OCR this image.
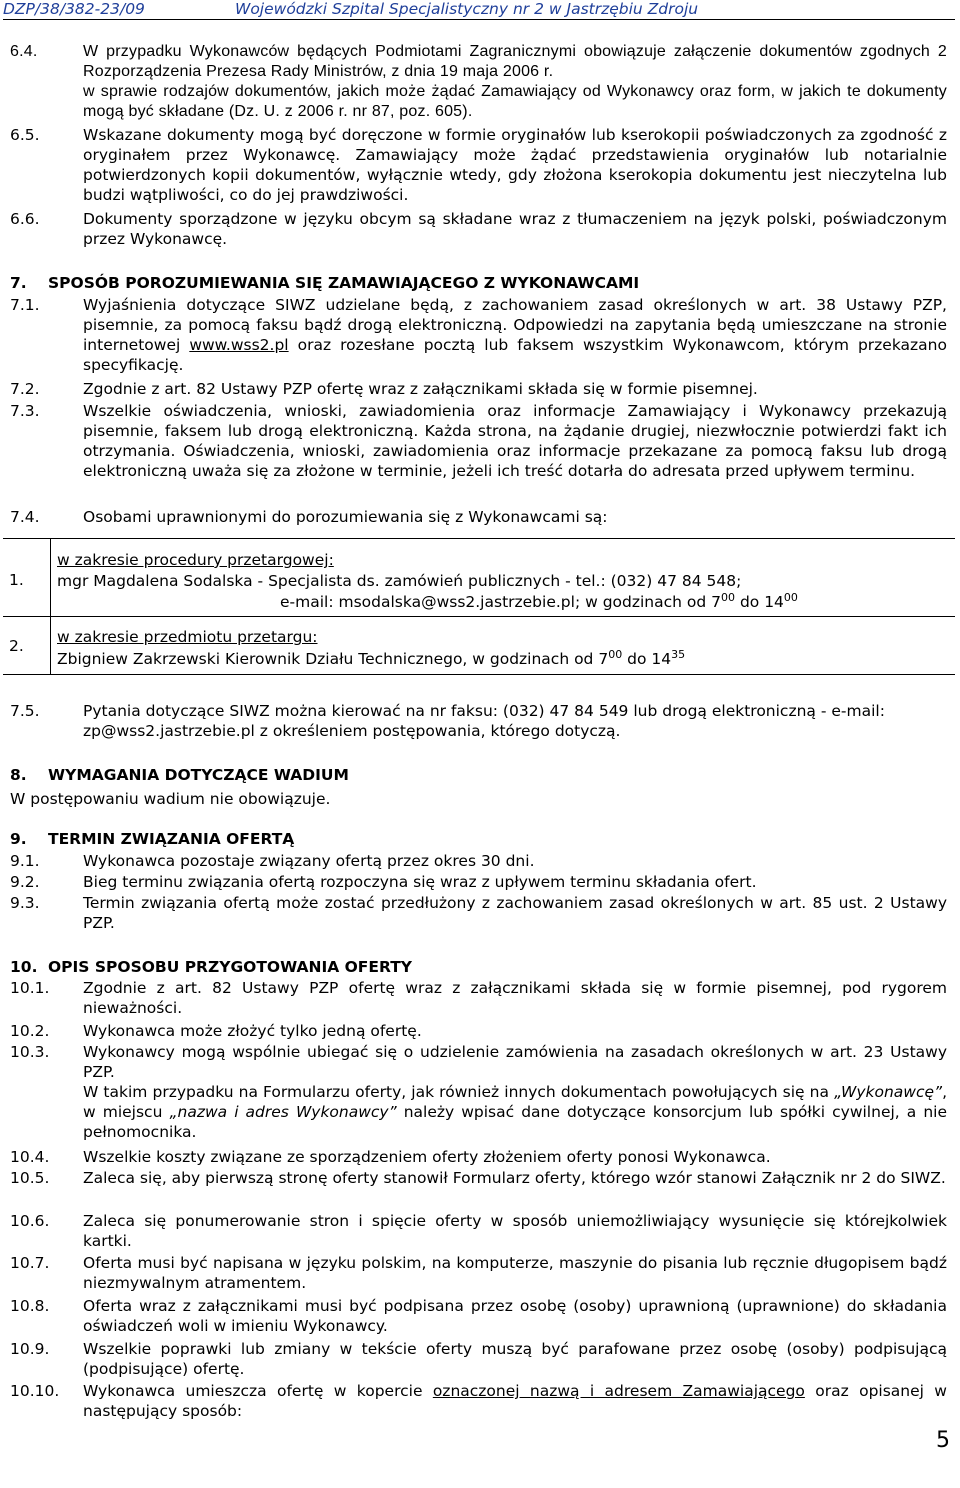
DZP/38/382-23/09	Wojewódzki Szpital Specjalistyczny nr 2 w Jastrzębiu Zdroju
6.4.	W przypadku Wykonawców będących Podmiotami Zagranicznymi obowiązuje załączenie dokumentów zgodnych 2 Rozporządzenia Prezesa Rady Ministrów, z dnia 19 maja 2006 r.
w sprawie rodzajów dokumentów, jakich może żądać Zamawiający od Wykonawcy oraz form, w jakich te dokumenty mogą być składane (Dz. U. z 2006 r. nr 87, poz. 605).
6.5.	Wskazane dokumenty mogą być doręczone w formie oryginałów lub kserokopii poświadczonych za zgodność z oryginałem przez Wykonawcę. Zamawiający może żądać przedstawienia oryginałów lub notarialnie potwierdzonych kopii dokumentów, wyłącznie wtedy, gdy złożona kserokopia dokumentu jest nieczytelna lub budzi wątpliwości, co do jej prawdziwości.
6.6.	Dokumenty sporządzone w języku obcym są składane wraz z tłumaczeniem na język polski, poświadczonym przez Wykonawcę.
7. SPOSÓB POROZUMIEWANIA SIĘ ZAMAWIAJĄCEGO Z WYKONAWCAMI
7.1.	Wyjaśnienia dotyczące SIWZ udzielane będą, z zachowaniem zasad określonych w art. 38 Ustawy PZP, pisemnie, za pomocą faksu bądź drogą elektroniczną. Odpowiedzi na zapytania będą umieszczane na stronie internetowej www.wss2.pl oraz rozesłane pocztą lub faksem wszystkim Wykonawcom, którym przekazano specyfikację.
7.2.	Zgodnie z art. 82 Ustawy PZP ofertę wraz z załącznikami składa się w formie pisemnej.
7.3.	Wszelkie oświadczenia, wnioski, zawiadomienia oraz informacje Zamawiający i Wykonawcy przekazują pisemnie, faksem lub drogą elektroniczną. Każda strona, na żądanie drugiej, niezwłocznie potwierdzi fakt ich otrzymania. Oświadczenia, wnioski, zawiadomienia oraz informacje przekazane za pomocą faksu lub drogą elektroniczną uważa się za złożone w terminie, jeżeli ich treść dotarła do adresata przed upływem terminu.
7.4.	Osobami uprawnionymi do porozumiewania się z Wykonawcami są:
1.
w zakresie procedury przetargowej:
mgr Magdalena Sodalska - Specjalista ds. zamówień publicznych - tel.: (032) 47 84 548;
e-mail: msodalska@wss2.jastrzebie.pl; w godzinach od $7^{00}$ do $14^{00}$
2. w zakresie przedmiotu przetargu:
Zbigniew Zakrzewski Kierownik Działu Technicznego, w godzinach od $7^{00}$ do $14^{35}$
7.5.	Pytania dotyczące SIWZ można kierować na nr faksu: (032) 47 84 549 lub drogą elektroniczną - e-mail: zp@wss2.jastrzebie.pl z określeniem postępowania, którego dotyczą.
8. WYMAGANIA DOTYCZĄCE WADIUM
W postępowaniu wadium nie obowiązuje.
9. TERMIN ZWIĄZANIA OFERTĄ
9.1.	Wykonawca pozostaje związany ofertą przez okres 30 dni.
9.2.	Bieg terminu związania ofertą rozpoczyna się wraz z upływem terminu składania ofert.
9.3.	Termin związania ofertą może zostać przedłużony z zachowaniem zasad określonych w art. 85 ust. 2 Ustawy PZP.
10. OPIS SPOSOBU PRZYGOTOWANIA OFERTY
10.1. Zgodnie z art. 82 Ustawy PZP ofertę wraz z załącznikami składa się w formie pisemnej, pod rygorem nieważności.
10.2. Wykonawca może złożyć tylko jedną ofertę.
10.3. Wykonawcy mogą wspólnie ubiegać się o udzielenie zamówienia na zasadach określonych w art. 23 Ustawy PZP.
W takim przypadku na Formularzu oferty, jak również innych dokumentach powołujących się na „Wykonawcę”, w miejscu „nazwa i adres Wykonawcy” należy wpisać dane dotyczące konsorcjum lub spółki cywilnej, a nie pełnomocnika.
10.4. Wszelkie koszty związane ze sporządzeniem oferty złożeniem oferty ponosi Wykonawca.
10.5. Zaleca się, aby pierwszą stronę oferty stanowił Formularz oferty, którego wzór stanowi Załącznik nr 2 do SIWZ.
10.6. Zaleca się ponumerowanie stron i spięcie oferty w sposób uniemożliwiający wysunięcie się którejkolwiek kartki.
10.7. Oferta musi być napisana w języku polskim, na komputerze, maszynie do pisania lub ręcznie długopisem bądź niezmywalnym atramentem.
10.8. Oferta wraz z załącznikami musi być podpisana przez osobę (osoby) uprawnioną (uprawnione) do składania oświadczeń woli w imieniu Wykonawcy.
10.9. Wszelkie poprawki lub zmiany w tekście oferty muszą być parafowane przez osobę (osoby) podpisującą (podpisujące) ofertę.
10.10. Wykonawca umieszcza ofertę w kopercie oznaczonej nazwą i adresem Zamawiającego oraz opisanej w następujący sposób:
5
